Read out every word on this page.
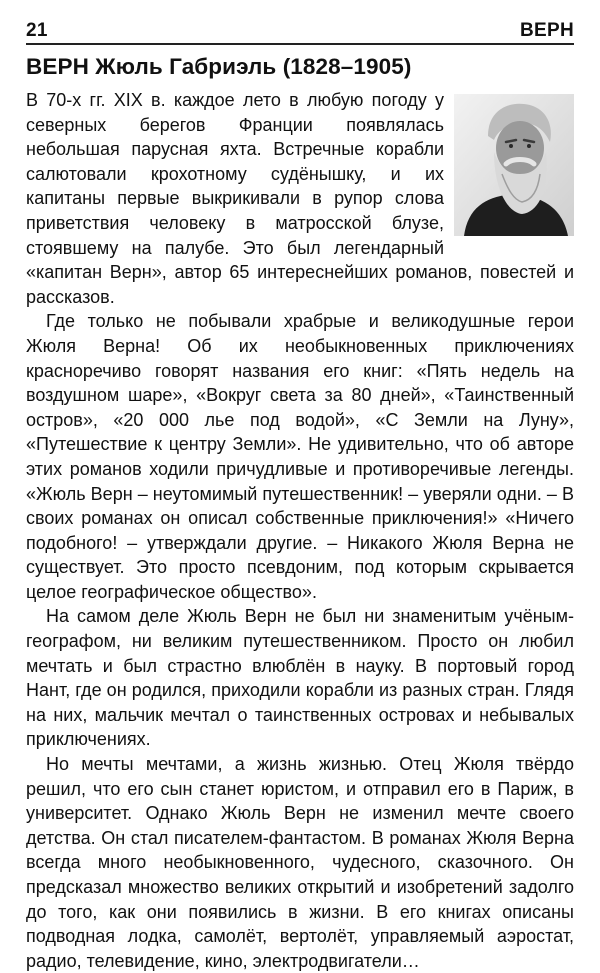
21	ВЕРН
ВЕРН Жюль Габриэль (1828–1905)

В 70-х гг. XIX в. каждое лето в любую погоду у северных берегов Франции появлялась небольшая парусная яхта. Встречные корабли салютовали крохотному судёнышку, и их капитаны первые выкрикивали в рупор слова приветствия человеку в матросской блузе, стоявшему на палубе. Это был легендарный «капитан Верн», автор 65 интереснейших романов, повестей и рассказов.

Где только не побывали храбрые и великодушные герои Жюля Верна! Об их необыкновенных приключениях красноречиво говорят названия его книг: «Пять недель на воздушном шаре», «Вокруг света за 80 дней», «Таинственный остров», «20 000 лье под водой», «С Земли на Луну», «Путешествие к центру Земли». Не удивительно, что об авторе этих романов ходили причудливые и противоречивые легенды. «Жюль Верн – неутомимый путешественник! – уверяли одни. – В своих романах он описал собственные приключения!» «Ничего подобного! – утверждали другие. – Никакого Жюля Верна не существует. Это просто псевдоним, под которым скрывается целое географическое общество».

На самом деле Жюль Верн не был ни знаменитым учёным-географом, ни великим путешественником. Просто он любил мечтать и был страстно влюблён в науку. В портовый город Нант, где он родился, приходили корабли из разных стран. Глядя на них, мальчик мечтал о таинственных островах и небывалых приключениях.

Но мечты мечтами, а жизнь жизнью. Отец Жюля твёрдо решил, что его сын станет юристом, и отправил его в Париж, в университет. Однако Жюль Верн не изменил мечте своего детства. Он стал писателем-фантастом. В романах Жюля Верна всегда много необыкновенного, чудесного, сказочного. Он предсказал множество великих открытий и изобретений задолго до того, как они появились в жизни. В его книгах описаны подводная лодка, самолёт, вертолёт, управляемый аэростат, радио, телевидение, кино, электродвигатели…
